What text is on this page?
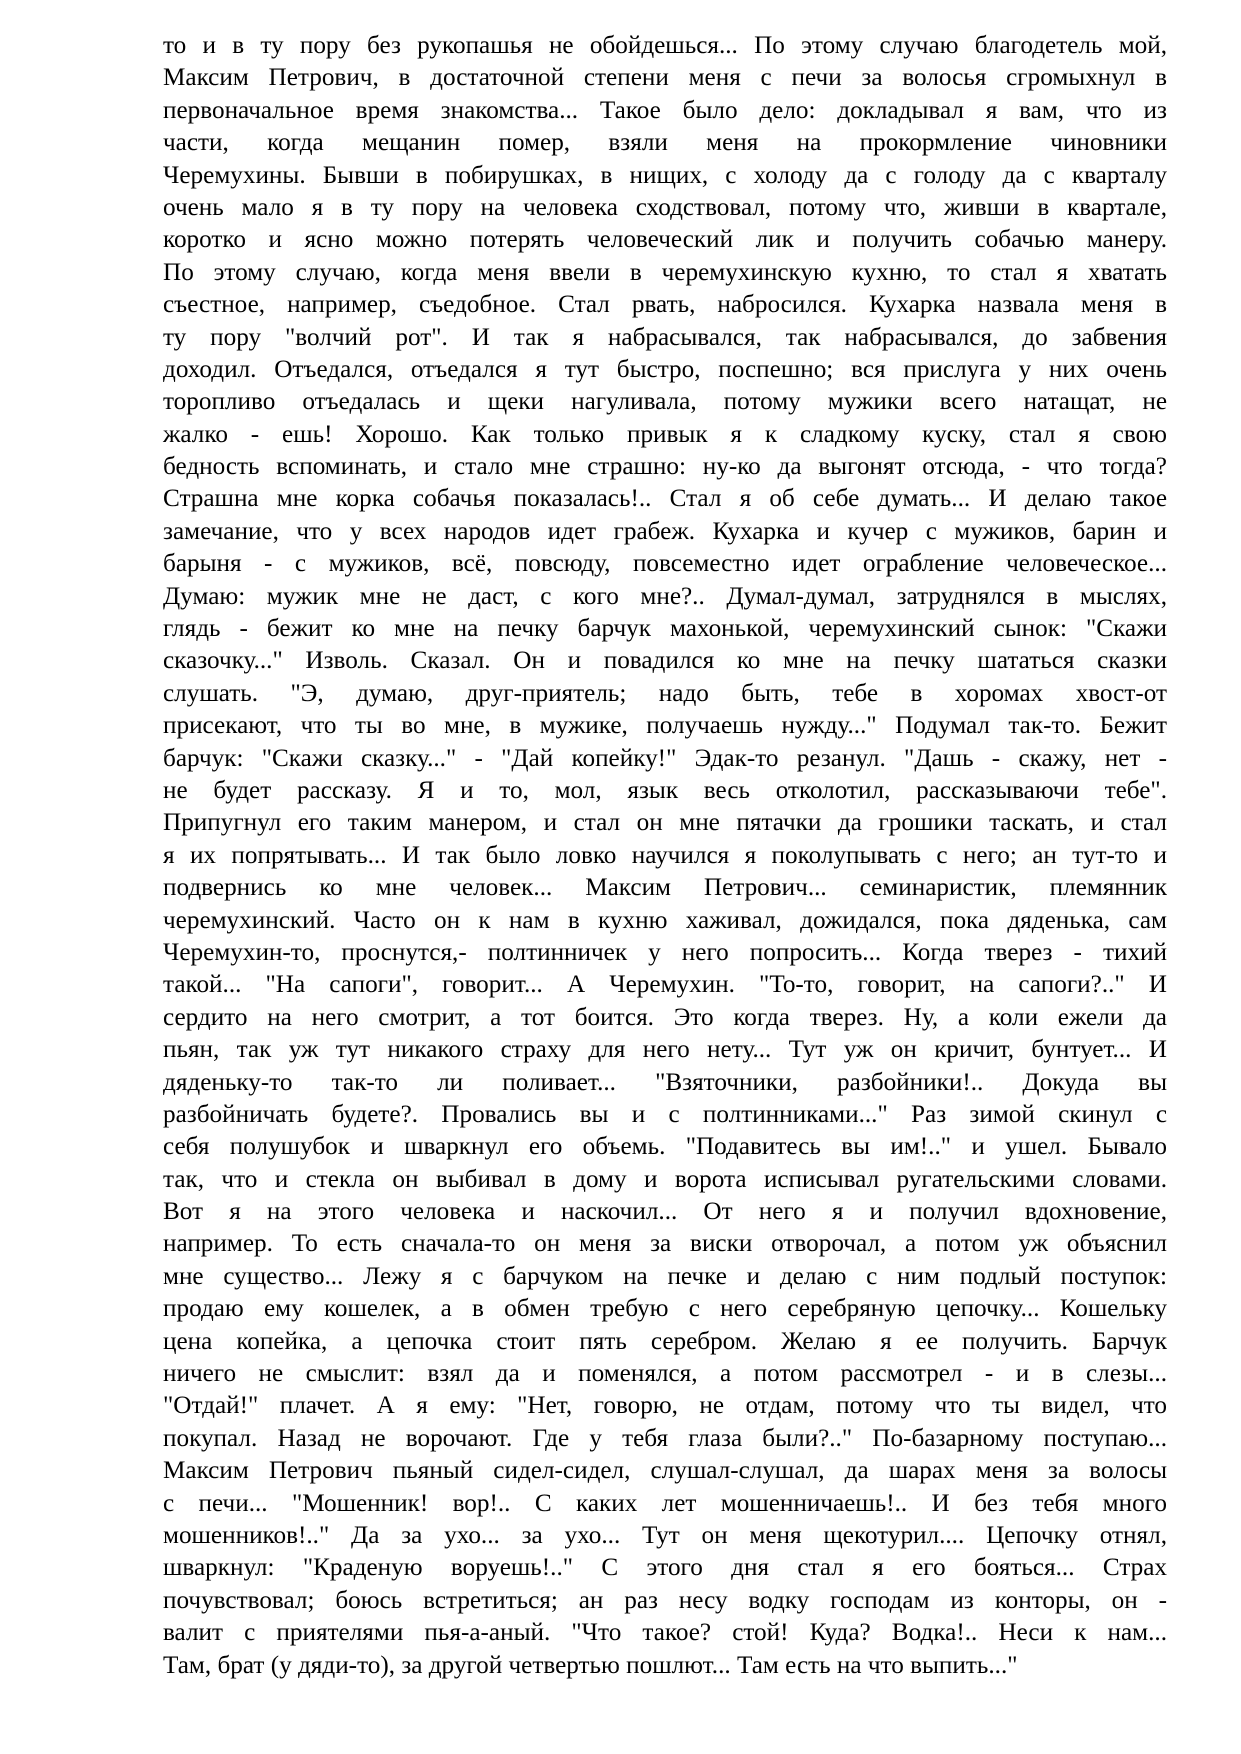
то и в ту пору без рукопашья не обойдешься... По этому случаю благодетель мой,
Максим Петрович, в достаточной степени меня с печи за волосья сгромыхнул в
первоначальное время знакомства... Такое было дело: докладывал я вам, что из
части, когда мещанин помер, взяли меня на прокормление чиновники
Черемухины. Бывши в побирушках, в нищих, с холоду да с голоду да с кварталу
очень мало я в ту пору на человека сходствовал, потому что, живши в квартале,
коротко и ясно можно потерять человеческий лик и получить собачью манеру.
По этому случаю, когда меня ввели в черемухинскую кухню, то стал я хватать
съестное, например, съедобное. Стал рвать, набросился. Кухарка назвала меня в
ту пору "волчий рот". И так я набрасывался, так набрасывался, до забвения
доходил. Отъедался, отъедался я тут быстро, поспешно; вся прислуга у них очень
торопливо отъедалась и щеки нагуливала, потому мужики всего натащат, не
жалко - ешь! Хорошо. Как только привык я к сладкому куску, стал я свою
бедность вспоминать, и стало мне страшно: ну-ко да выгонят отсюда, - что тогда?
Страшна мне корка собачья показалась!.. Стал я об себе думать... И делаю такое
замечание, что у всех народов идет грабеж. Кухарка и кучер с мужиков, барин и
барыня - с мужиков, всё, повсюду, повсеместно идет ограбление человеческое...
Думаю: мужик мне не даст, с кого мне?.. Думал-думал, затруднялся в мыслях,
глядь - бежит ко мне на печку барчук махонькой, черемухинский сынок: "Скажи
сказочку..." Изволь. Сказал. Он и повадился ко мне на печку шататься сказки
слушать. "Э, думаю, друг-приятель; надо быть, тебе в хоромах хвост-от
присекают, что ты во мне, в мужике, получаешь нужду..." Подумал так-то. Бежит
барчук: "Скажи сказку..." - "Дай копейку!" Эдак-то резанул. "Дашь - скажу, нет -
не будет рассказу. Я и то, мол, язык весь отколотил, рассказываючи тебе".
Припугнул его таким манером, и стал он мне пятачки да грошики таскать, и стал
я их попрятывать... И так было ловко научился я поколупывать с него; ан тут-то и
подвернись ко мне человек... Максим Петрович... семинаристик, племянник
черемухинский. Часто он к нам в кухню хаживал, дожидался, пока дяденька, сам
Черемухин-то, проснутся,- полтинничек у него попросить... Когда тверез - тихий
такой... "На сапоги", говорит... А Черемухин. "То-то, говорит, на сапоги?.." И
сердито на него смотрит, а тот боится. Это когда тверез. Ну, а коли ежели да
пьян, так уж тут никакого страху для него нету... Тут уж он кричит, бунтует... И
дяденьку-то так-то ли поливает... "Взяточники, разбойники!.. Докуда вы
разбойничать будете?. Провались вы и с полтинниками..." Раз зимой скинул с
себя полушубок и шваркнул его объемь. "Подавитесь вы им!.." и ушел. Бывало
так, что и стекла он выбивал в дому и ворота исписывал ругательскими словами.
Вот я на этого человека и наскочил... От него я и получил вдохновение,
например. То есть сначала-то он меня за виски отворочал, а потом уж объяснил
мне существо... Лежу я с барчуком на печке и делаю с ним подлый поступок:
продаю ему кошелек, а в обмен требую с него серебряную цепочку... Кошельку
цена копейка, а цепочка стоит пять серебром. Желаю я ее получить. Барчук
ничего не смыслит: взял да и поменялся, а потом рассмотрел - и в слезы...
"Отдай!" плачет. А я ему: "Нет, говорю, не отдам, потому что ты видел, что
покупал. Назад не ворочают. Где у тебя глаза были?.." По-базарному поступаю...
Максим Петрович пьяный сидел-сидел, слушал-слушал, да шарах меня за волосы
с печи... "Мошенник! вор!.. С каких лет мошенничаешь!.. И без тебя много
мошенников!.." Да за ухо... за ухо... Тут он меня щекотурил.... Цепочку отнял,
шваркнул: "Краденую воруешь!.." С этого дня стал я его бояться... Страх
почувствовал; боюсь встретиться; ан раз несу водку господам из конторы, он -
валит с приятелями пья-а-аный. "Что такое? стой! Куда? Водка!.. Неси к нам...
Там, брат (у дяди-то), за другой четвертью пошлют... Там есть на что выпить..."
